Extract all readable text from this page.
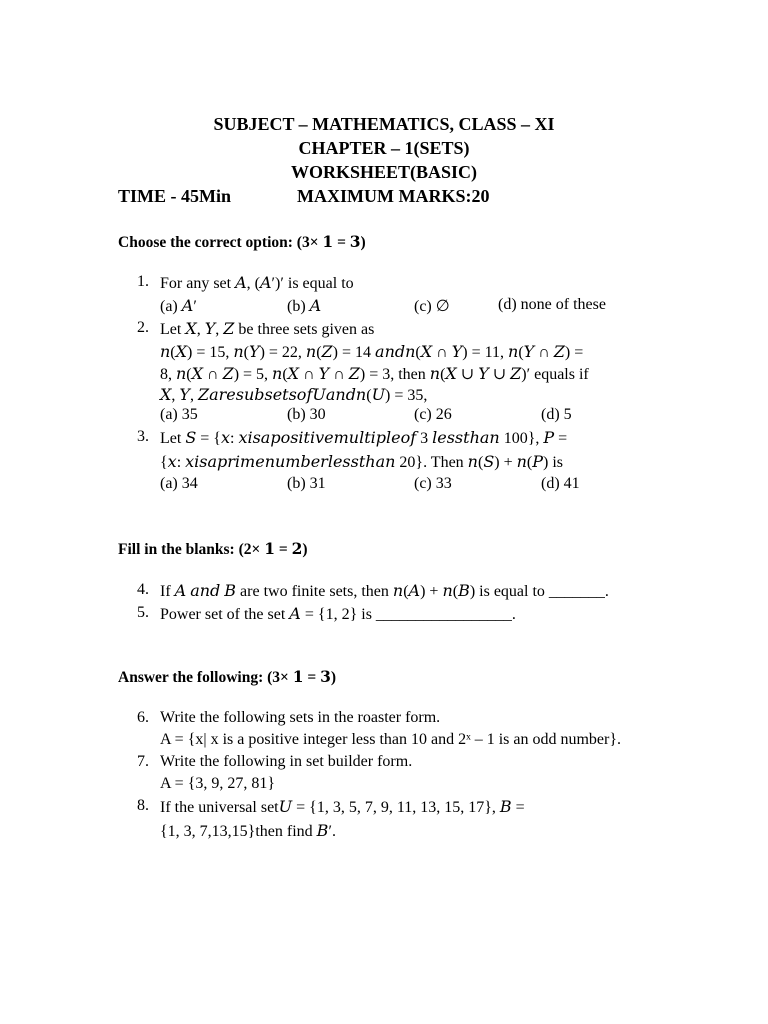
SUBJECT – MATHEMATICS, CLASS – XI
CHAPTER – 1(SETS)
WORKSHEET(BASIC)
TIME - 45Min	MAXIMUM MARKS:20
Choose the correct option: (3× 𝟏 = 𝟑)
1. For any set 𝐴, (𝐴′)′ is equal to
(a) 𝐴′	(b) 𝐴	(c) ∅	(d) none of these
2. Let 𝑋, 𝑌, 𝑍 be three sets given as
𝑛(𝑋) = 15, 𝑛(𝑌) = 22, 𝑛(𝑍) = 14 𝑎𝑛𝑑𝑛(𝑋 ∩ 𝑌) = 11, 𝑛(𝑌 ∩ 𝑍) =
8, 𝑛(𝑋 ∩ 𝑍) = 5, 𝑛(𝑋 ∩ 𝑌 ∩ 𝑍) = 3, then 𝑛(𝑋 ∪ 𝑌 ∪ 𝑍)′ equals if
𝑋, 𝑌, 𝑍𝑎𝑟𝑒𝑠𝑢𝑏𝑠𝑒𝑡𝑠𝑜𝑓𝑈𝑎𝑛𝑑𝑛(𝑈) = 35,
(a) 35	(b) 30	(c) 26	(d) 5
3. Let 𝑆 = {𝑥: 𝑥𝑖𝑠𝑎𝑝𝑜𝑠𝑖𝑡𝑖𝑣𝑒𝑚𝑢𝑙𝑡𝑖𝑝𝑙𝑒𝑜𝑓 3 𝑙𝑒𝑠𝑠𝑡ℎ𝑎𝑛 100}, 𝑃 =
{𝑥: 𝑥𝑖𝑠𝑎𝑝𝑟𝑖𝑚𝑒𝑛𝑢𝑚𝑏𝑒𝑟𝑙𝑒𝑠𝑠𝑡ℎ𝑎𝑛 20}. Then 𝑛(𝑆) + 𝑛(𝑃) is
(a) 34	(b) 31	(c) 33	(d) 41
Fill in the blanks: (2× 𝟏 = 𝟐)
4. If 𝐴 𝑎𝑛𝑑 𝐵 are two finite sets, then 𝑛(𝐴) + 𝑛(𝐵) is equal to _______.
5. Power set of the set 𝐴 = {1, 2} is _________________.
Answer the following: (3× 𝟏 = 𝟑)
6. Write the following sets in the roaster form.
A = {x| x is a positive integer less than 10 and 2ˣ – 1 is an odd number}.
7. Write the following in set builder form.
A = {3, 9, 27, 81}
8. If the universal set𝑈 = {1, 3, 5, 7, 9, 11, 13, 15, 17}, 𝐵 =
{1, 3, 7,13,15}then find 𝐵′.
